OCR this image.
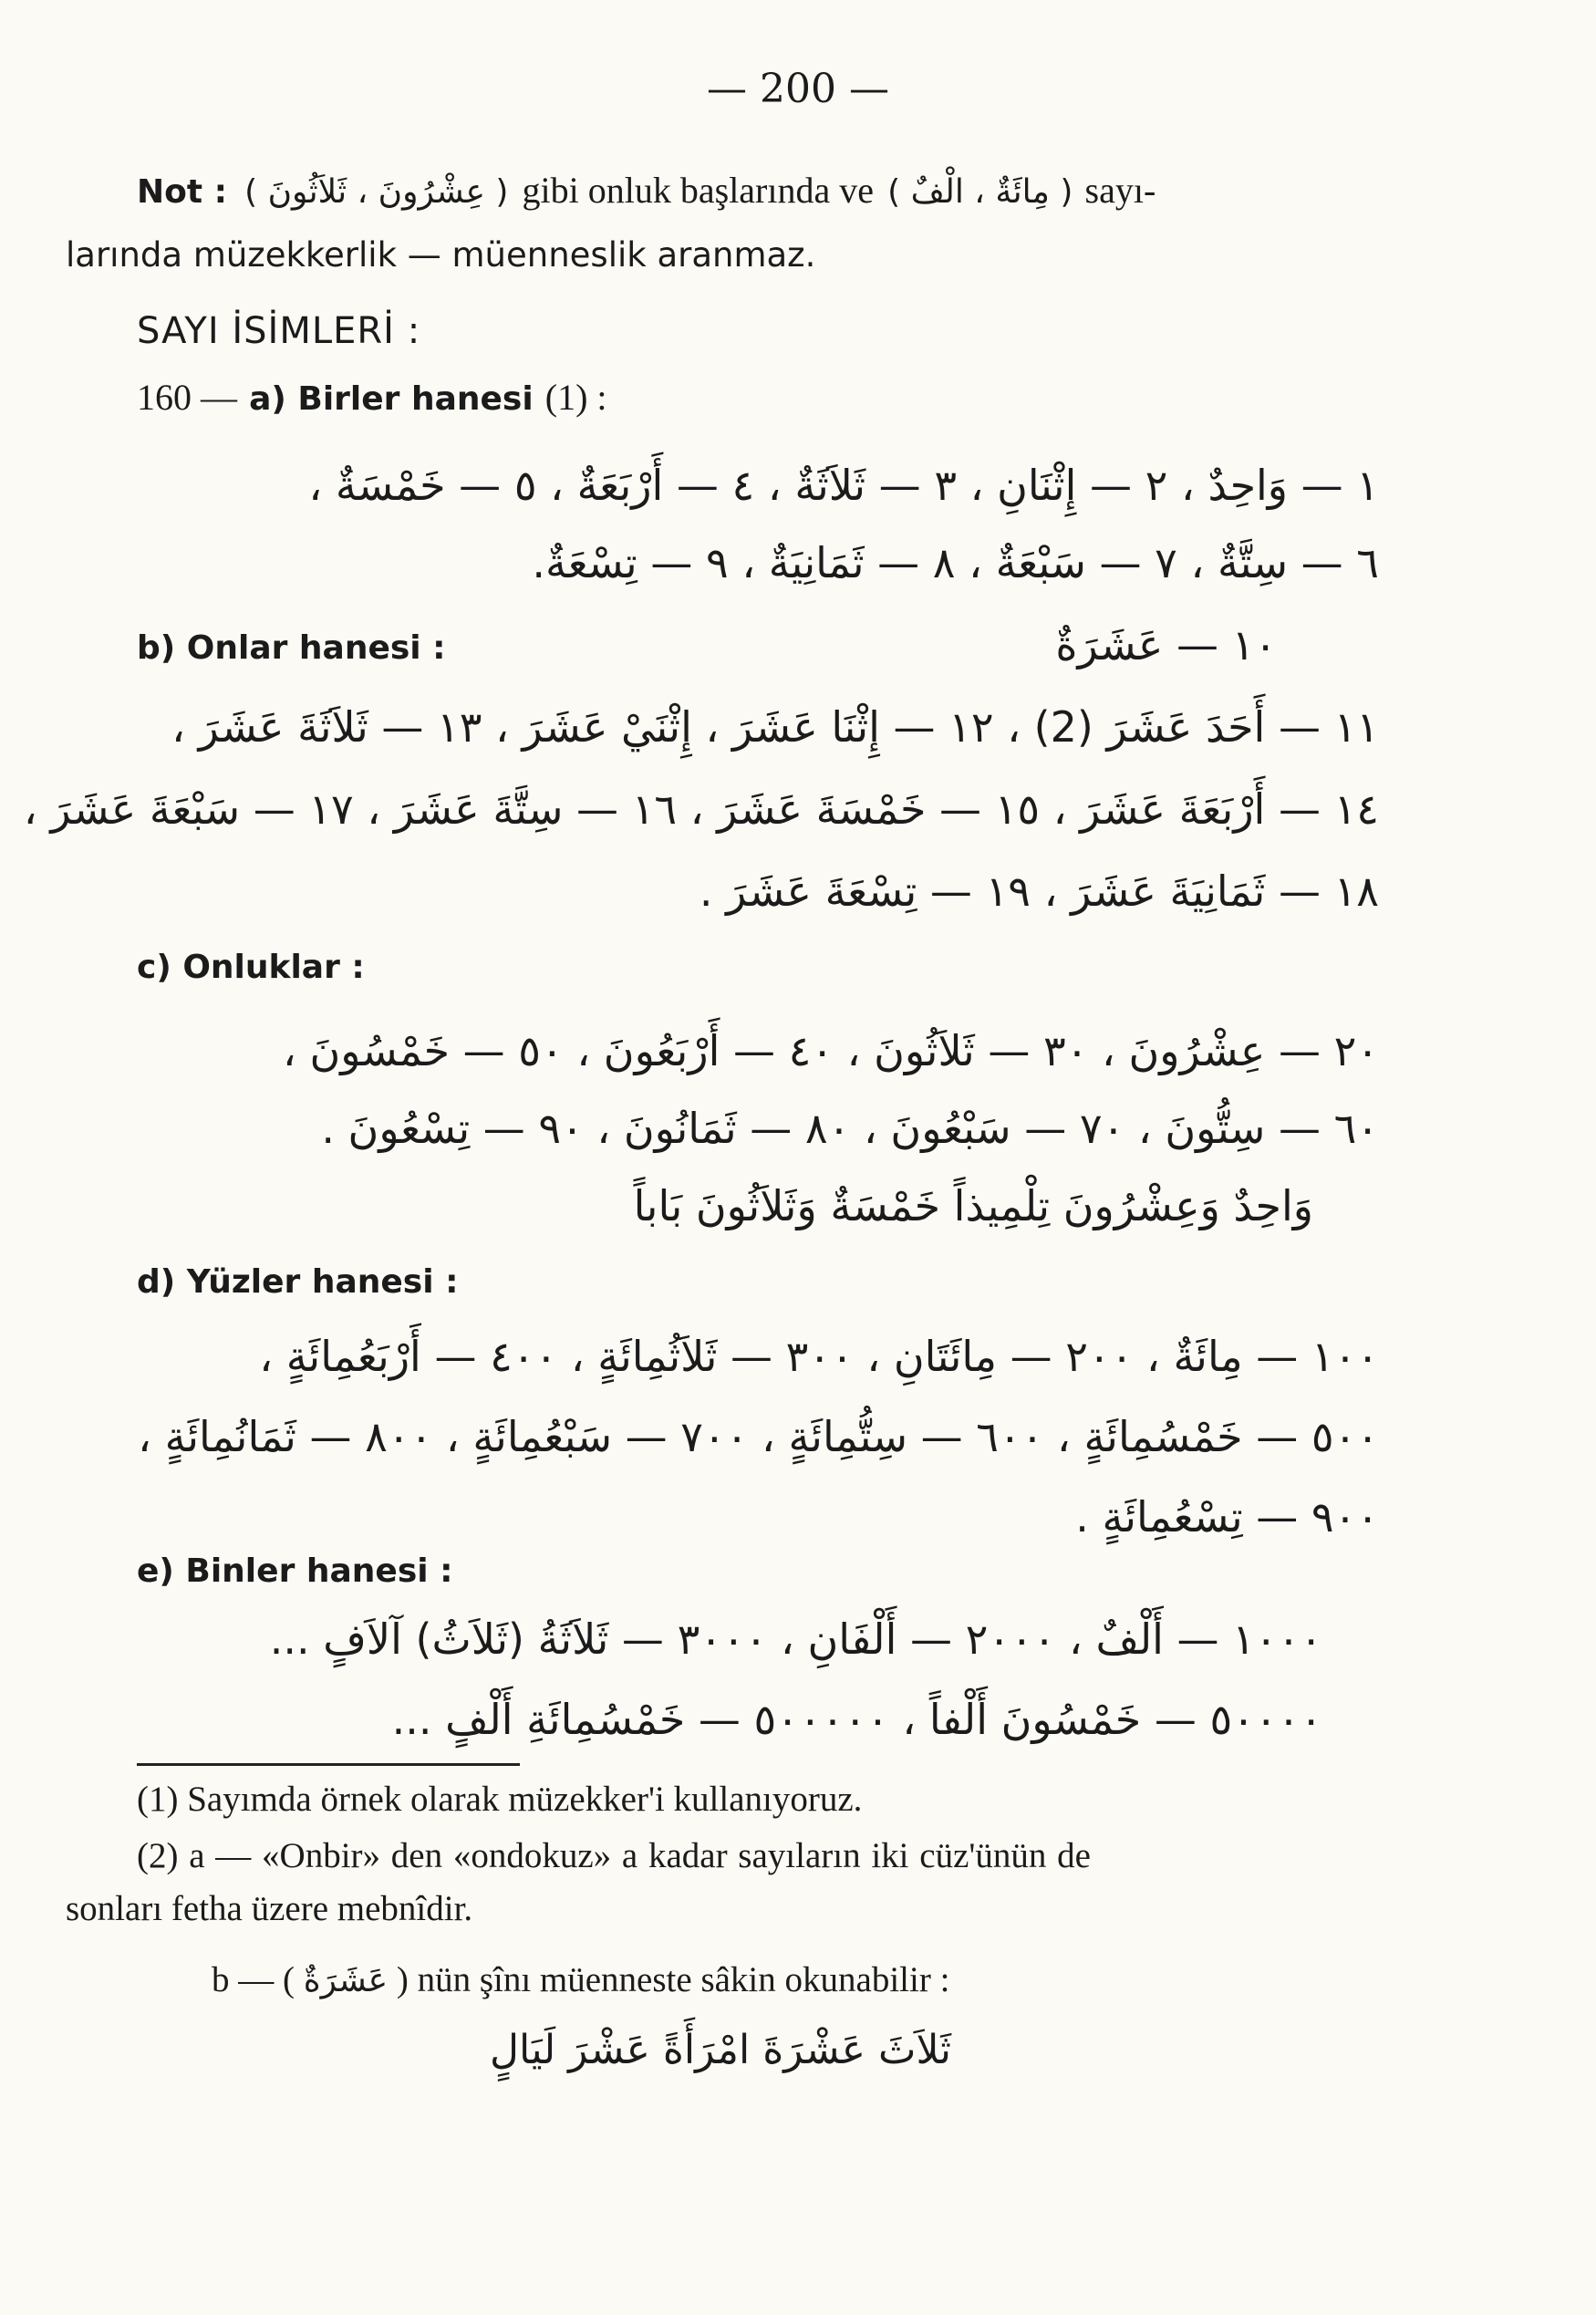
— 200 —
Not : ( عِشْرُونَ ، ثَلاَثُونَ ) gibi onluk başlarında ve ( مِائَةٌ ، الْفٌ ) sayı-
larında müzekkerlik — müenneslik aranmaz.
SAYI İSİMLERİ :
160 — a) Birler hanesi (1) :
١ — وَاحِدٌ ، ٢ — إِثْنَانِ ، ٣ — ثَلاَثَةٌ ، ٤ — أَرْبَعَةٌ ، ٥ — خَمْسَةٌ ،
٦ — سِتَّةٌ ، ٧ — سَبْعَةٌ ، ٨ — ثَمَانِيَةٌ ، ٩ — تِسْعَةٌ.
b) Onlar hanesi :	١٠ — عَشَرَةٌ
١١ — أَحَدَ عَشَرَ (2) ، ١٢ — إِثْنَا عَشَرَ ، إِثْنَيْ عَشَرَ ، ١٣ — ثَلاَثَةَ عَشَرَ ،
١٤ — أَرْبَعَةَ عَشَرَ ، ١٥ — خَمْسَةَ عَشَرَ ، ١٦ — سِتَّةَ عَشَرَ ، ١٧ — سَبْعَةَ عَشَرَ ،
١٨ — ثَمَانِيَةَ عَشَرَ ، ١٩ — تِسْعَةَ عَشَرَ .
c) Onluklar :
٢٠ — عِشْرُونَ ، ٣٠ — ثَلاَثُونَ ، ٤٠ — أَرْبَعُونَ ، ٥٠ — خَمْسُونَ ،
٦٠ — سِتُّونَ ، ٧٠ — سَبْعُونَ ، ٨٠ — ثَمَانُونَ ، ٩٠ — تِسْعُونَ .
وَاحِدٌ وَعِشْرُونَ تِلْمِيذاً خَمْسَةٌ وَثَلاَثُونَ بَاباً
d) Yüzler hanesi :
١٠٠ — مِائَةٌ ، ٢٠٠ — مِائَتَانِ ، ٣٠٠ — ثَلاَثُمِائَةٍ ، ٤٠٠ — أَرْبَعُمِائَةٍ ،
٥٠٠ — خَمْسُمِائَةٍ ، ٦٠٠ — سِتُّمِائَةٍ ، ٧٠٠ — سَبْعُمِائَةٍ ، ٨٠٠ — ثَمَانُمِائَةٍ ،
٩٠٠ — تِسْعُمِائَةٍ .
e) Binler hanesi :
١٠٠٠ — أَلْفٌ ، ٢٠٠٠ — أَلْفَانِ ، ٣٠٠٠ — ثَلاَثَةُ (ثَلاَثُ) آلاَفٍ ...
٥٠٠٠٠ — خَمْسُونَ أَلْفاً ، ٥٠٠٠٠٠ — خَمْسُمِائَةِ أَلْفٍ ...
(1) Sayımda örnek olarak müzekker'i kullanıyoruz.
(2) a — «Onbir» den «ondokuz» a kadar sayıların iki cüz'ünün de
sonları fetha üzere mebnîdir.
b — ( عَشَرَةٌ ) nün şînı müenneste sâkin okunabilir :
ثَلاَثَ عَشْرَةَ امْرَأَةً عَشْرَ لَيَالٍ
